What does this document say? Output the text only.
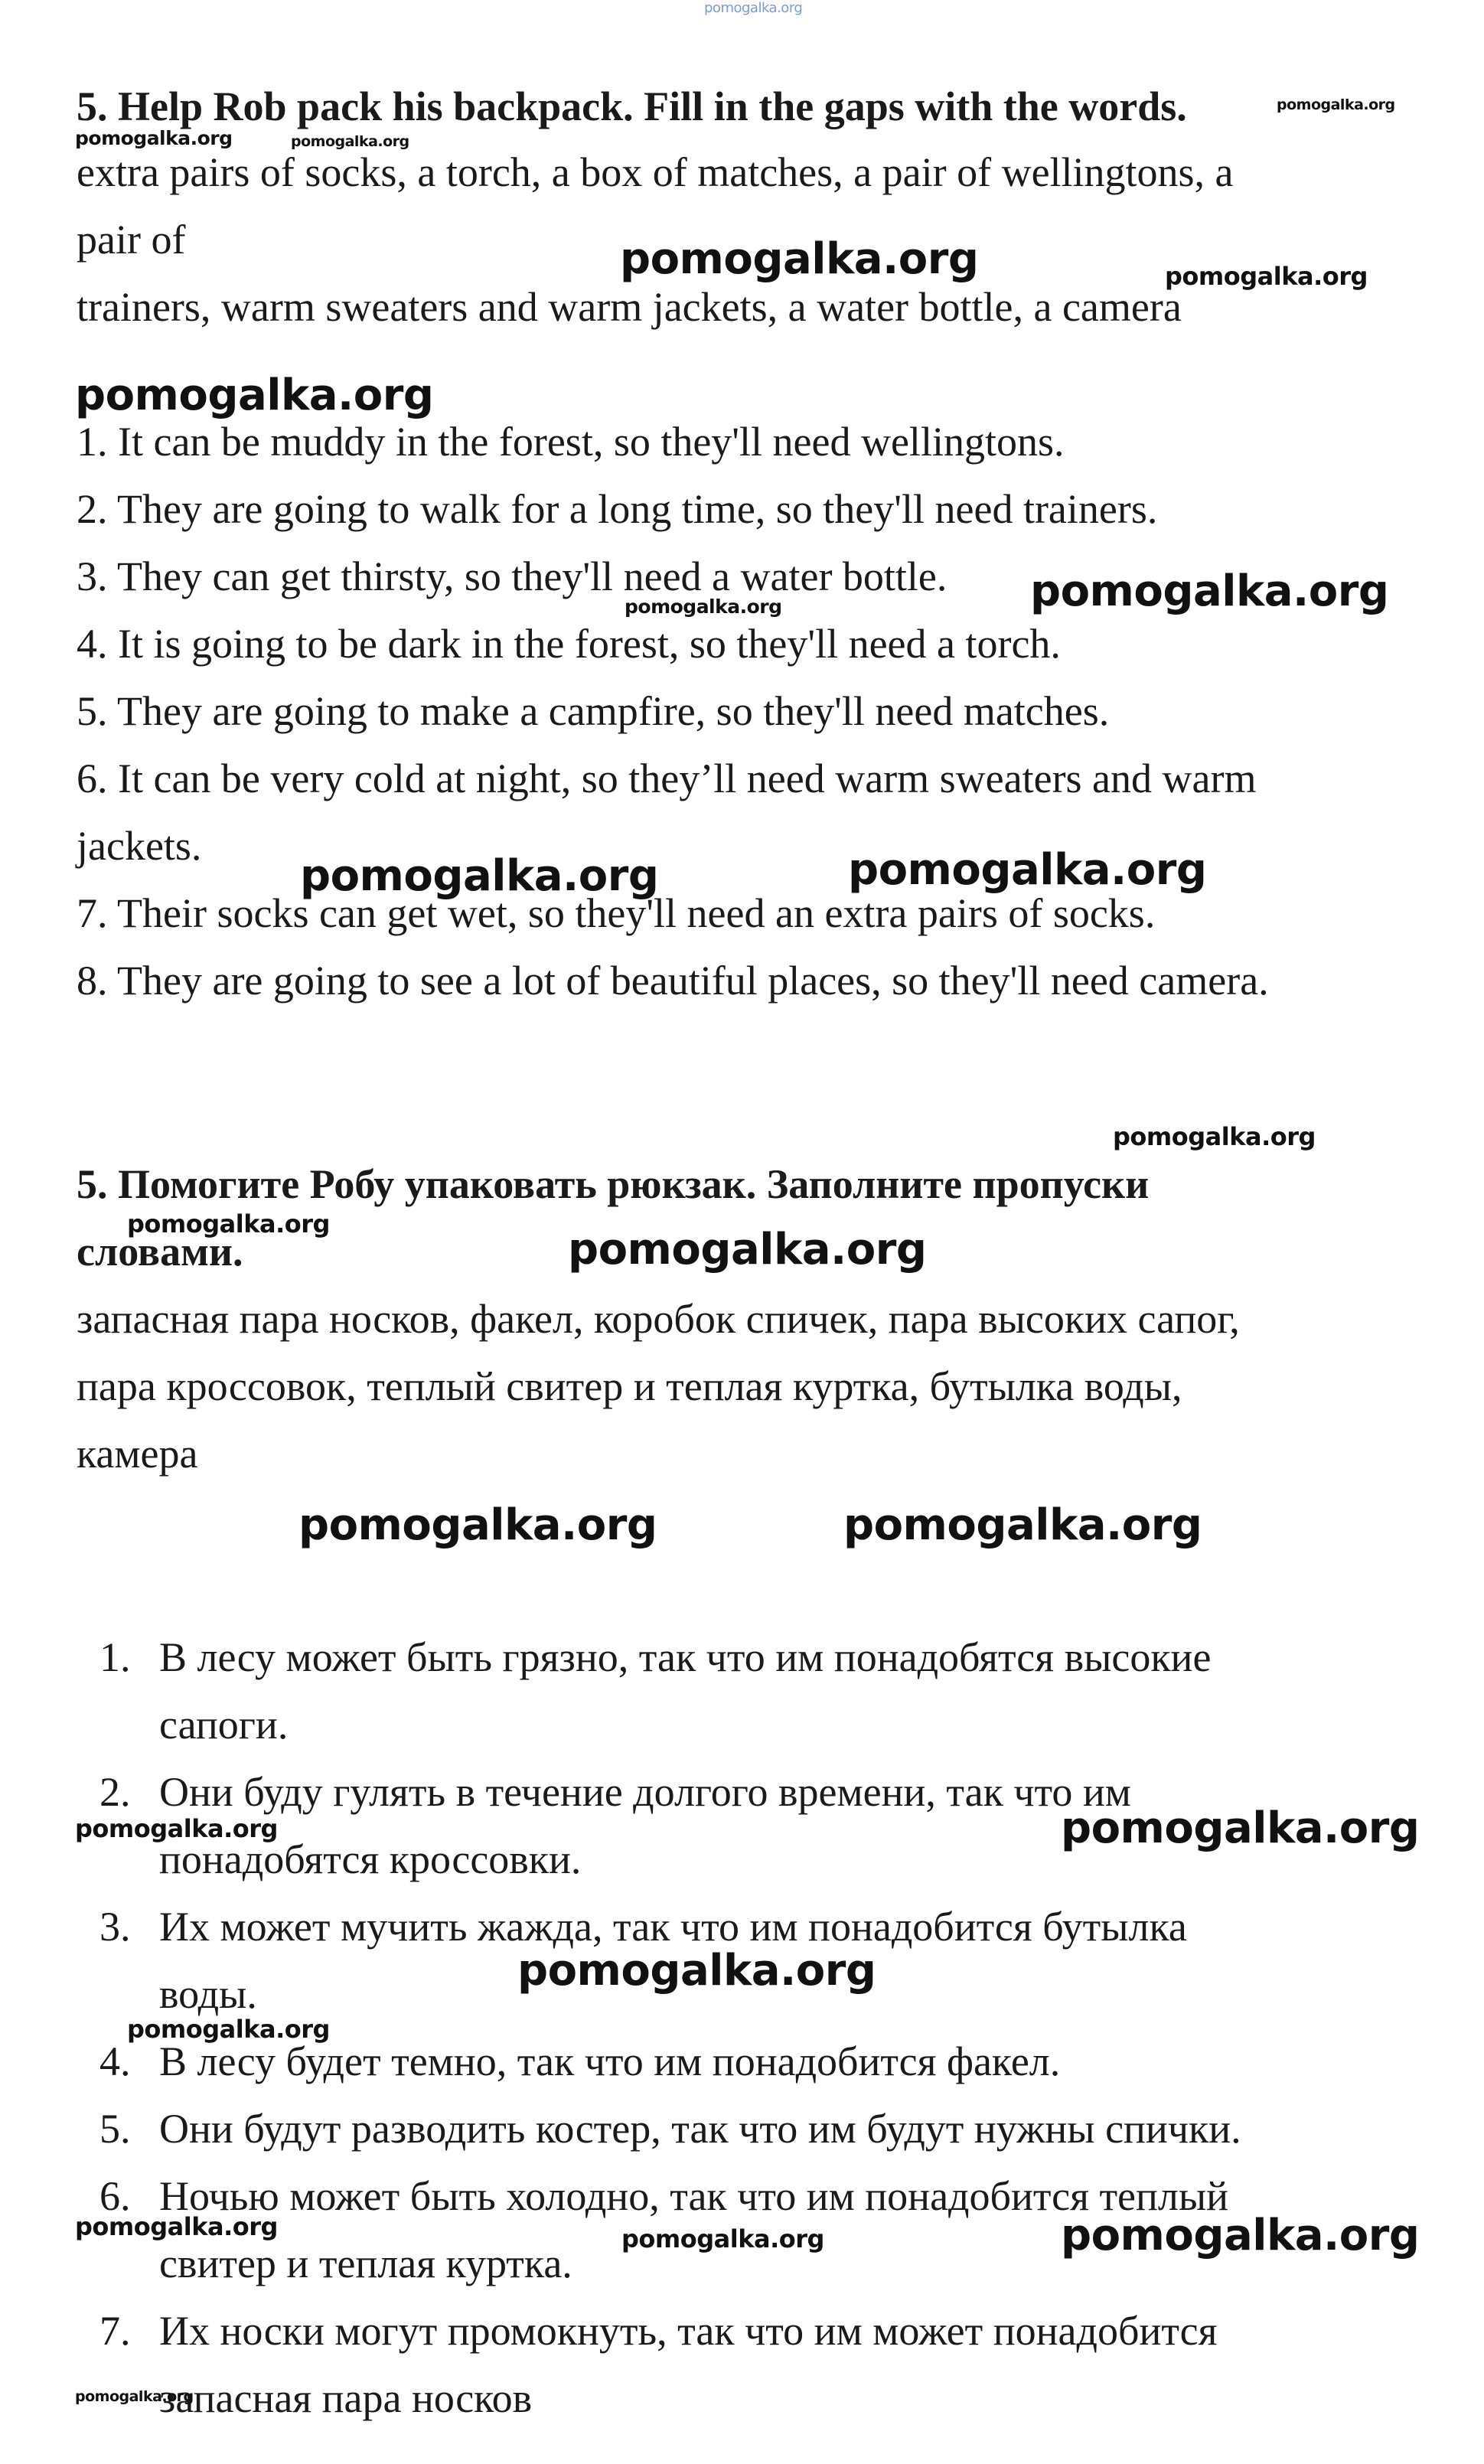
pomogalka.org
5. Help Rob pack his backpack. Fill in the gaps with the words.
extra pairs of socks, a torch, a box of matches, a pair of wellingtons, a
pair of
trainers, warm sweaters and warm jackets, a water bottle, a camera
1. It can be muddy in the forest, so they'll need wellingtons.
2. They are going to walk for a long time, so they'll need trainers.
3. They can get thirsty, so they'll need a water bottle.
4. It is going to be dark in the forest, so they'll need a torch.
5. They are going to make a campfire, so they'll need matches.
6. It can be very cold at night, so they’ll need warm sweaters and warm
jackets.
7. Their socks can get wet, so they'll need an extra pairs of socks.
8. They are going to see a lot of beautiful places, so they'll need camera.
5. Помогите Робу упаковать рюкзак. Заполните пропуски
словами.
запасная пара носков, факел, коробок спичек, пара высоких сапог,
пара кроссовок, теплый свитер и теплая куртка, бутылка воды,
камера
1. В лесу может быть грязно, так что им понадобятся высокие
сапоги.
2. Они буду гулять в течение долгого времени, так что им
понадобятся кроссовки.
3. Их может мучить жажда, так что им понадобится бутылка
воды.
4. В лесу будет темно, так что им понадобится факел.
5. Они будут разводить костер, так что им будут нужны спички.
6. Ночью может быть холодно, так что им понадобится теплый
свитер и теплая куртка.
7. Их носки могут промокнуть, так что им может понадобится
запасная пара носков
pomogalka.org
pomogalka.org	pomogalka.org
pomogalka.org	pomogalka.org
pomogalka.org
pomogalka.org
pomogalka.org
pomogalka.org	pomogalka.org
pomogalka.org
pomogalka.org
pomogalka.org
pomogalka.org	pomogalka.org
pomogalka.org	pomogalka.org
pomogalka.org
pomogalka.org
pomogalka.org	pomogalka.org	pomogalka.org
pomogalka.org
